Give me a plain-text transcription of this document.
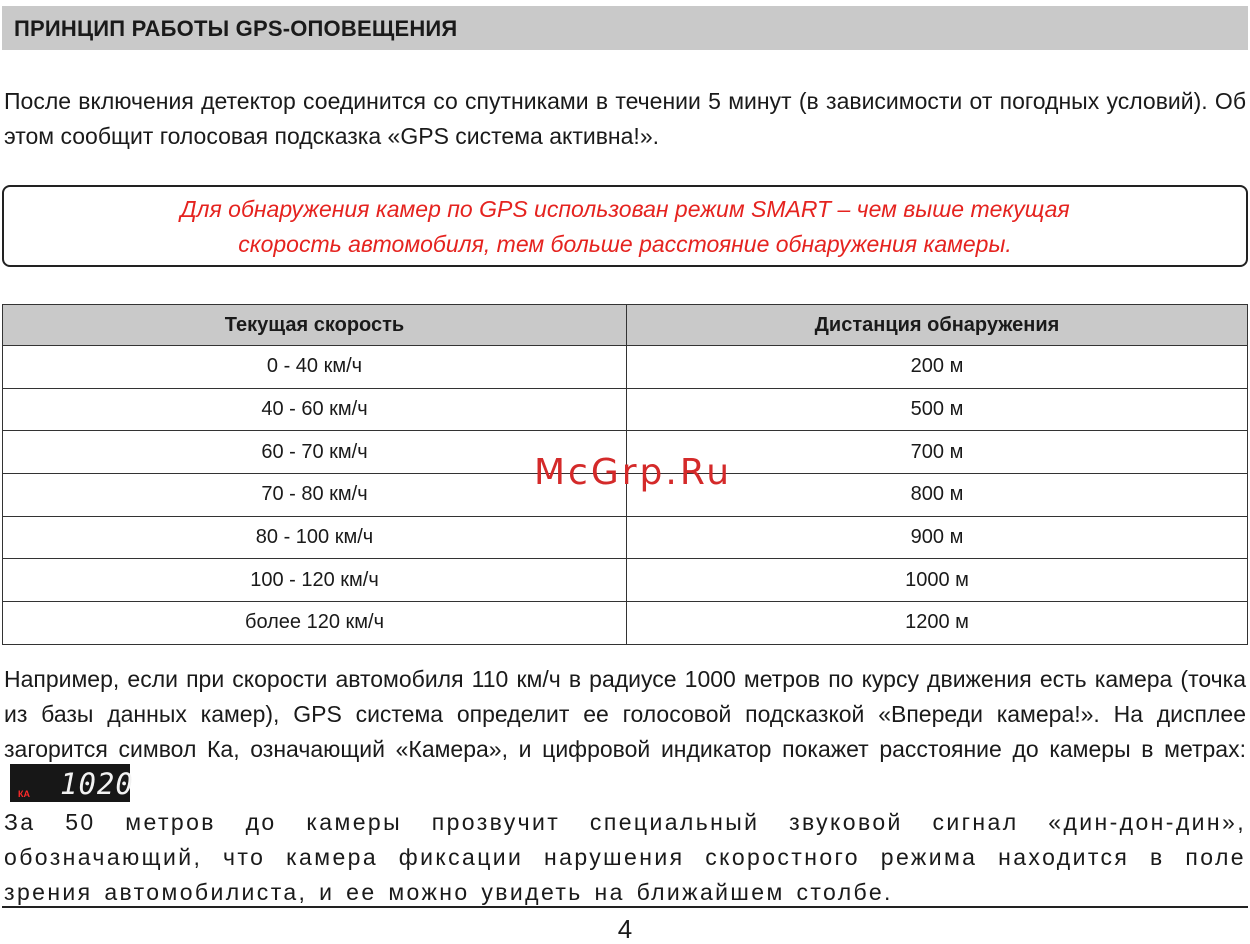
ПРИНЦИП РАБОТЫ GPS-ОПОВЕЩЕНИЯ

После включения детектор соединится со спутниками в течении 5 минут (в зависимости от погодных условий). Об этом сообщит голосовая подсказка «GPS система активна!».

Для обнаружения камер по GPS использован режим SMART – чем выше текущая
скорость автомобиля, тем больше расстояние обнаружения камеры.
Текущая скорость	Дистанция обнаружения
0 - 40 км/ч	200 м
40 - 60 км/ч	500 м
60 - 70 км/ч	700 м
70 - 80 км/ч	800 м
80 - 100 км/ч	900 м
100 - 120 км/ч	1000 м
более 120 км/ч	1200 м
McGrp.Ru

Например, если при скорости автомобиля 110 км/ч в радиусе 1000 метров по курсу движения есть камера (точка из базы данных камер), GPS система определит ее голосовой подсказкой «Впереди камера!». На дисплее загорится символ Ка, означающий «Камера», и цифровой индикатор покажет расстояние до камеры в метрах:
КА 1020

За 50 метров до камеры прозвучит специальный звуковой сигнал «дин-дон-дин», обозначающий, что камера фиксации нарушения скоростного режима находится в поле зрения автомобилиста, и ее можно увидеть на ближайшем столбе.

4
